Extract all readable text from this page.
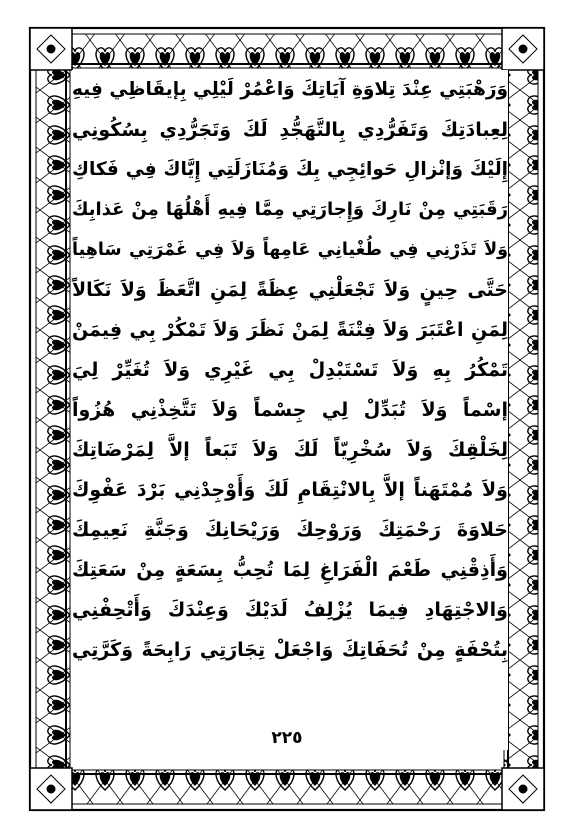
وَرَهْبَتِي عِنْدَ تِلاوَةِ آيَاتِكَ وَاعْمُرْ لَيْلِي بِإيقَاظِي فِيهِ
لِعِبادَتِكَ وَتَفَرُّدِي بِالتَّهَجُّدِ لَكَ وَتَجَرُّدِي بِسُكُونِي
إِلَيْكَ وَإنْزالِ حَوائِجِي بِكَ وَمُنَازَلَتِي إِيَّاكَ فِي فَكاكِ
رَقَبَتِي مِنْ نَارِكَ وَإِجارَتِي مِمَّا فِيهِ أَهْلُهَا مِنْ عَذابِكَ
وَلاَ تَذَرْنِي فِي طُغْيانِي عَامِهاً وَلاَ فِي غَمْرَتِي سَاهِياً
حَتَّى حِينٍ وَلاَ تَجْعَلْنِي عِظَةً لِمَنِ اتَّعَظَ وَلاَ نَكَالاً
لِمَنِ اعْتَبَرَ وَلاَ فِتْنَةً لِمَنْ نَظَرَ وَلاَ تَمْكُرْ بِي فِيمَنْ
تَمْكُرُ بِهِ وَلاَ تَسْتَبْدِلْ بِي غَيْرِي وَلاَ تُغَيِّرْ لِيَ
إسْماً وَلاَ تُبَدِّلْ لِي جِسْماً وَلاَ تَتَّخِذْنِي هُزُواً
لِخَلْقِكَ وَلاَ سُخْرِيّاً لَكَ وَلاَ تَبَعاً إلاَّ لِمَرْضَاتِكَ
وَلاَ مُمْتَهَناً إلاَّ بِالانْتِقَامِ لَكَ وَأَوْجِدْنِي بَرْدَ عَفْوِكَ
حَلاوَةَ رَحْمَتِكَ وَرَوْحِكَ وَرَيْحَانِكَ وَجَنَّةِ نَعِيمِكَ
وَأَذِقْنِي طَعْمَ الْفَرَاغِ لِمَا تُحِبُّ بِسَعَةٍ مِنْ سَعَتِكَ
وَالاجْتِهَادِ فِيمَا يُزْلِفُ لَدَيْكَ وَعِنْدَكَ وَأَتْحِفْنِي
بِتُحْفَةٍ مِنْ تُحَفَاتِكَ وَاجْعَلْ تِجَارَتِي رَابِحَةً وَكَرَّتِي
٢٢٥
